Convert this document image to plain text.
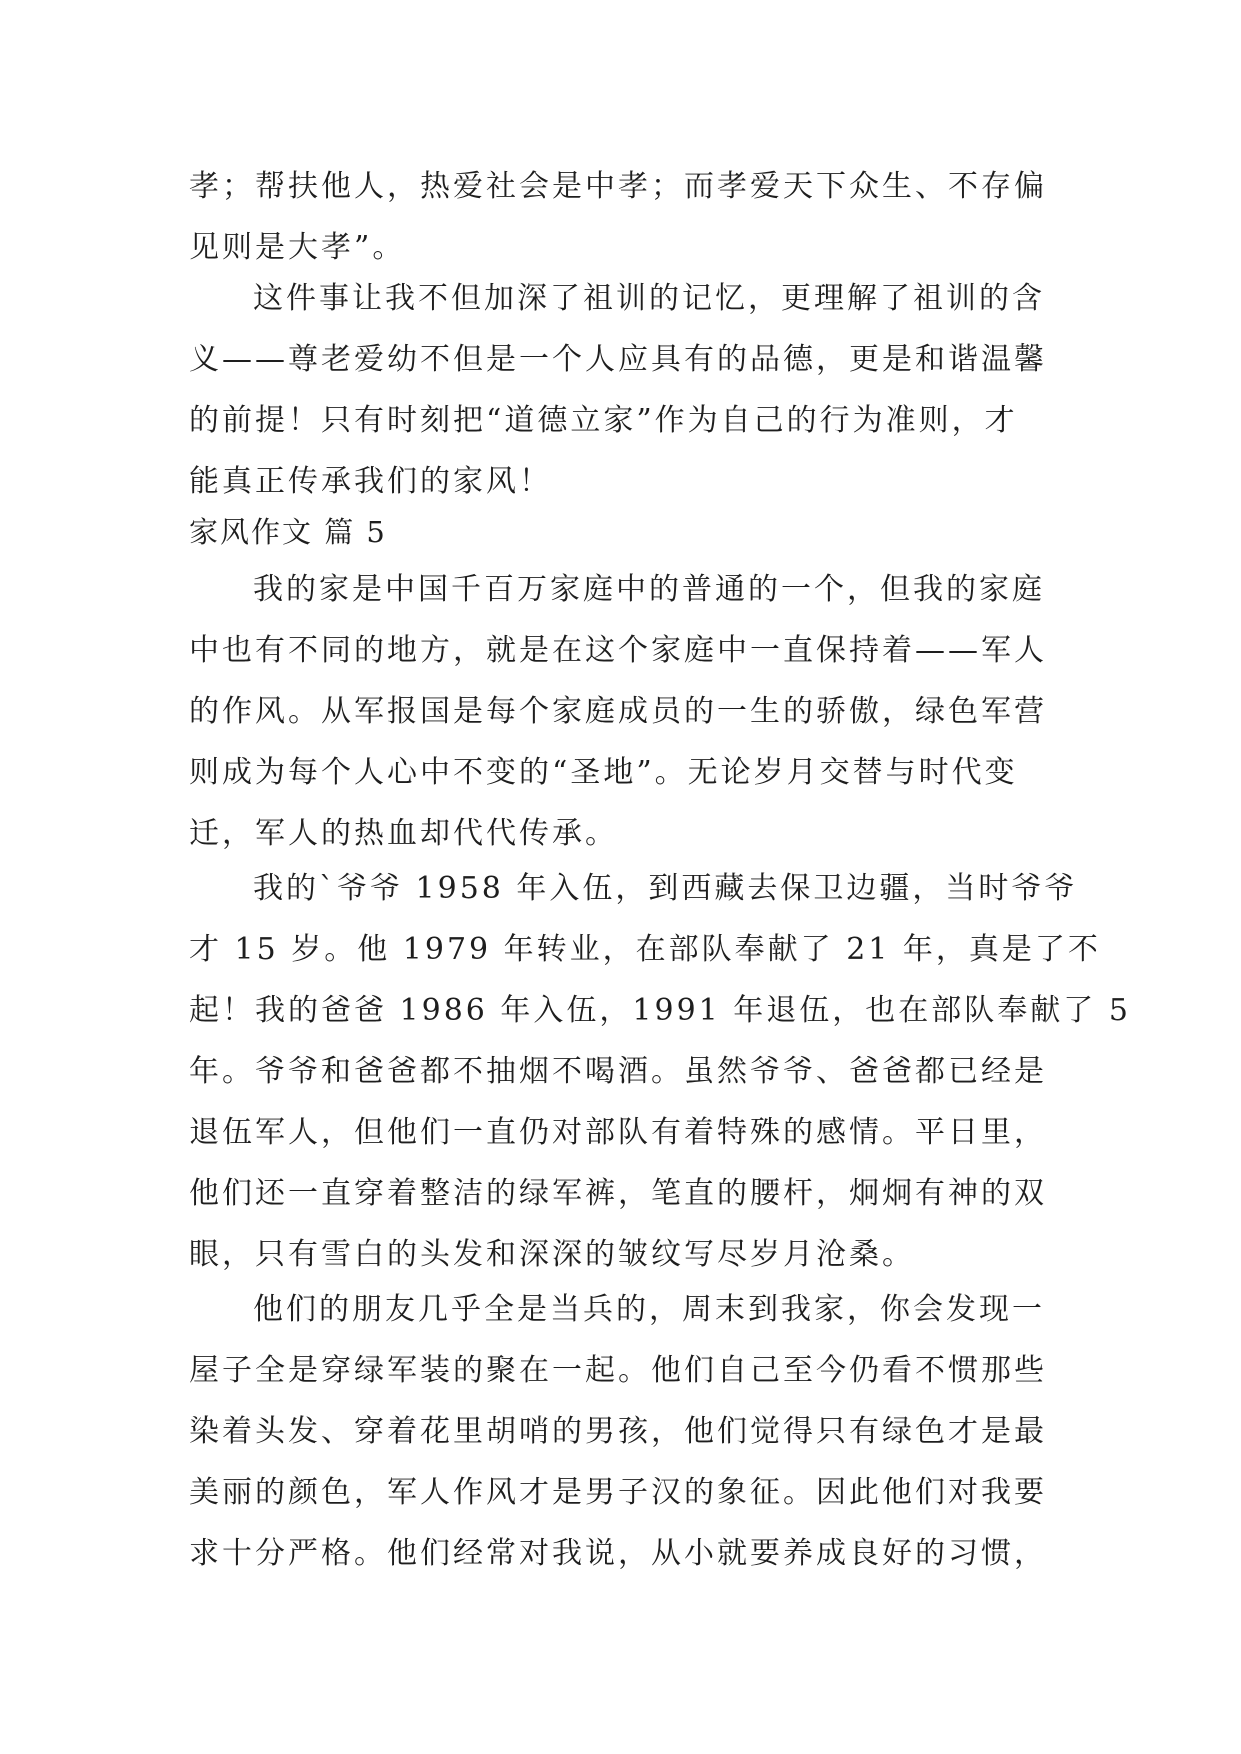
孝；帮扶他人，热爱社会是中孝；而孝爱天下众生、不存偏
见则是大孝”。
这件事让我不但加深了祖训的记忆，更理解了祖训的含
义——尊老爱幼不但是一个人应具有的品德，更是和谐温馨
的前提！只有时刻把“道德立家”作为自己的行为准则，才
能真正传承我们的家风！
家风作文 篇 5
我的家是中国千百万家庭中的普通的一个，但我的家庭
中也有不同的地方，就是在这个家庭中一直保持着——军人
的作风。从军报国是每个家庭成员的一生的骄傲，绿色军营
则成为每个人心中不变的“圣地”。无论岁月交替与时代变
迁，军人的热血却代代传承。
我的`爷爷 1958 年入伍，到西藏去保卫边疆，当时爷爷
才 15 岁。他 1979 年转业，在部队奉献了 21 年，真是了不
起！我的爸爸 1986 年入伍，1991 年退伍，也在部队奉献了 5
年。爷爷和爸爸都不抽烟不喝酒。虽然爷爷、爸爸都已经是
退伍军人，但他们一直仍对部队有着特殊的感情。平日里，
他们还一直穿着整洁的绿军裤，笔直的腰杆，炯炯有神的双
眼，只有雪白的头发和深深的皱纹写尽岁月沧桑。
他们的朋友几乎全是当兵的，周末到我家，你会发现一
屋子全是穿绿军装的聚在一起。他们自己至今仍看不惯那些
染着头发、穿着花里胡哨的男孩，他们觉得只有绿色才是最
美丽的颜色，军人作风才是男子汉的象征。因此他们对我要
求十分严格。他们经常对我说，从小就要养成良好的习惯，
